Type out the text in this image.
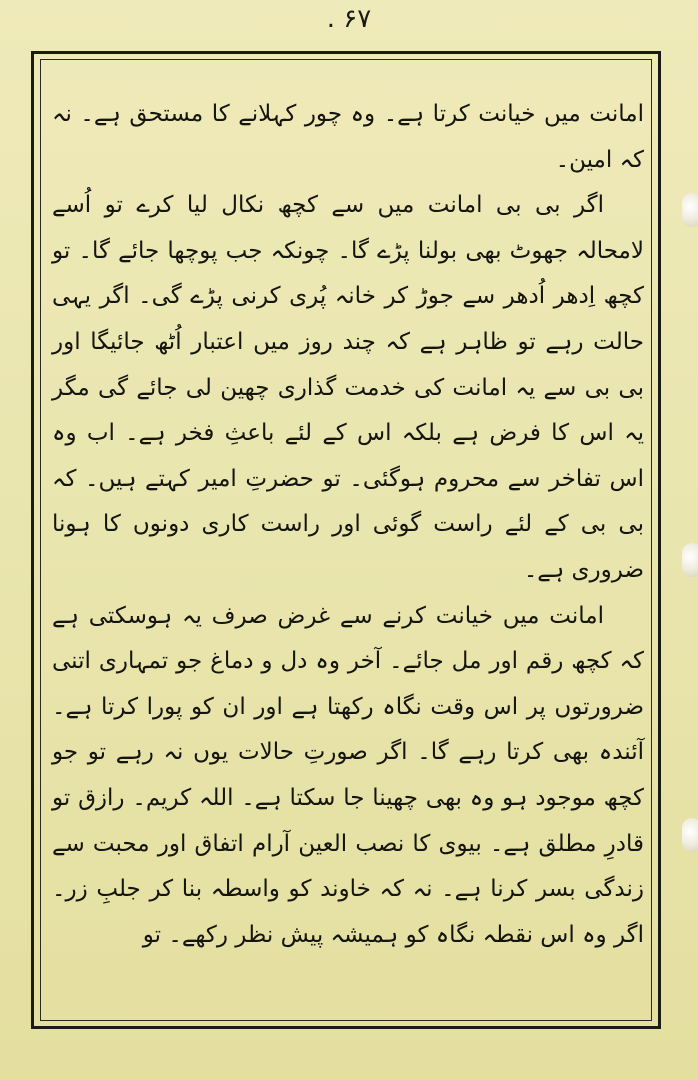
۶۷ .

امانت میں خیانت کرتا ہے۔ وہ چور کہلانے کا مستحق ہے۔ نہ کہ امین۔

اگر بی بی امانت میں سے کچھ نکال لیا کرے تو اُسے لامحالہ جھوٹ بھی بولنا پڑے گا۔ چونکہ جب پوچھا جائے گا۔ تو کچھ اِدھر اُدھر سے جوڑ کر خانہ پُری کرنی پڑے گی۔ اگر یہی حالت رہے تو ظاہر ہے کہ چند روز میں اعتبار اُٹھ جائیگا اور بی بی سے یہ امانت کی خدمت گذاری چھین لی جائے گی مگر یہ اس کا فرض ہے بلکہ اس کے لئے باعثِ فخر ہے۔ اب وہ اس تفاخر سے محروم ہوگئی۔ تو حضرتِ امیر کہتے ہیں۔ کہ بی بی کے لئے راست گوئی اور راست کاری دونوں کا ہونا ضروری ہے۔

امانت میں خیانت کرنے سے غرض صرف یہ ہوسکتی ہے کہ کچھ رقم اور مل جائے۔ آخر وہ دل و دماغ جو تمہاری اتنی ضرورتوں پر اس وقت نگاہ رکھتا ہے اور ان کو پورا کرتا ہے۔ آئندہ بھی کرتا رہے گا۔ اگر صورتِ حالات یوں نہ رہے تو جو کچھ موجود ہو وہ بھی چھینا جا سکتا ہے۔ اللہ کریم۔ رازق تو قادرِ مطلق ہے۔ بیوی کا نصب العین آرام اتفاق اور محبت سے زندگی بسر کرنا ہے۔ نہ کہ خاوند کو واسطہ بنا کر جلبِ زر۔ اگر وہ اس نقطہ نگاہ کو ہمیشہ پیش نظر رکھے۔ تو
